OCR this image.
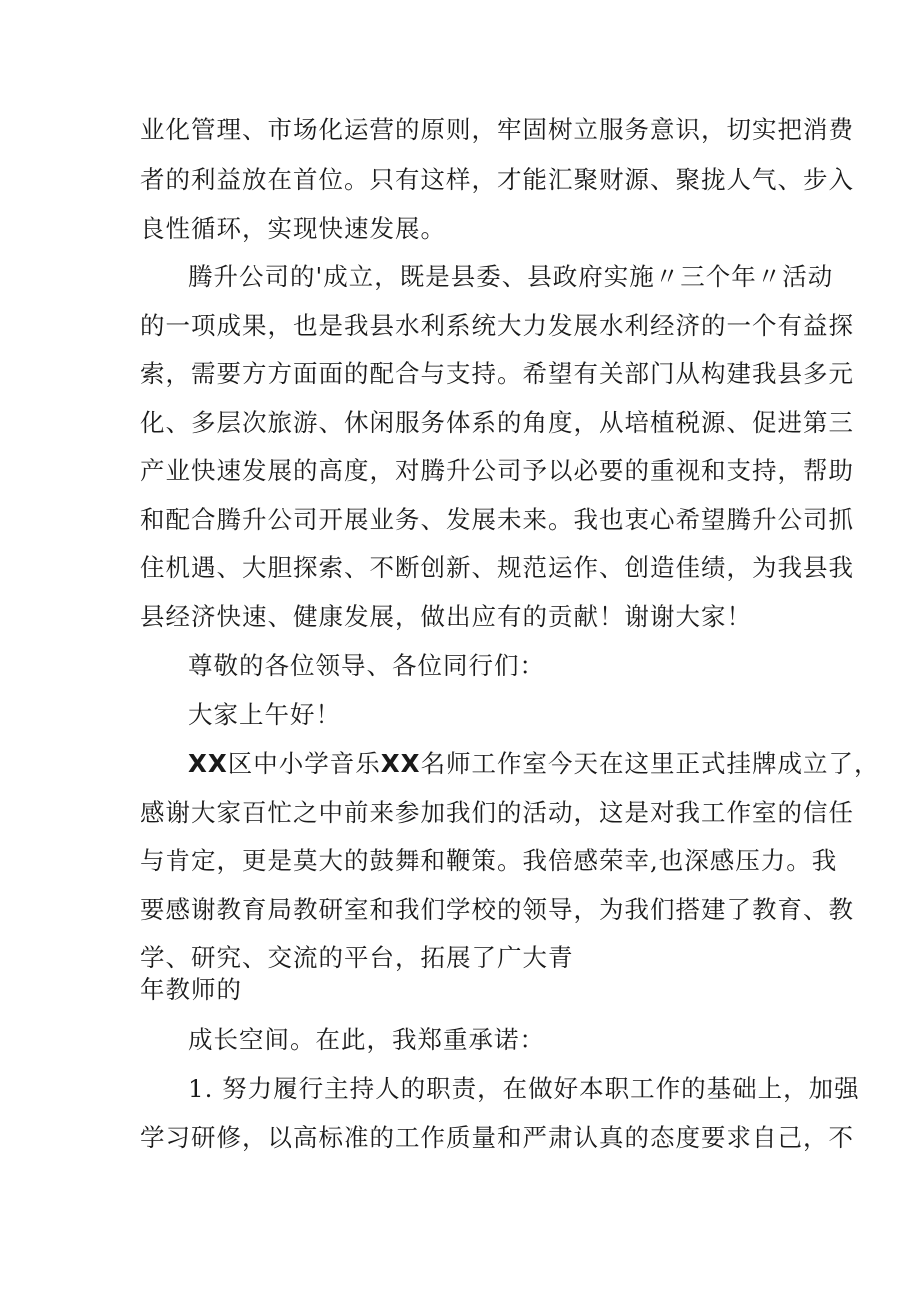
业化管理、市场化运营的原则，牢固树立服务意识，切实把消费
者的利益放在首位。只有这样，才能汇聚财源、聚拢人气、步入
良性循环，实现快速发展。
腾升公司的'成立，既是县委、县政府实施〃三个年〃活动
的一项成果，也是我县水利系统大力发展水利经济的一个有益探
索，需要方方面面的配合与支持。希望有关部门从构建我县多元
化、多层次旅游、休闲服务体系的角度，从培植税源、促进第三
产业快速发展的高度，对腾升公司予以必要的重视和支持，帮助
和配合腾升公司开展业务、发展未来。我也衷心希望腾升公司抓
住机遇、大胆探索、不断创新、规范运作、创造佳绩，为我县我
县经济快速、健康发展，做出应有的贡献！谢谢大家！
尊敬的各位领导、各位同行们：
大家上午好！
XX区中小学音乐XX名师工作室今天在这里正式挂牌成立了，
感谢大家百忙之中前来参加我们的活动，这是对我工作室的信任
与肯定，更是莫大的鼓舞和鞭策。我倍感荣幸,也深感压力。我
要感谢教育局教研室和我们学校的领导，为我们搭建了教育、教
学、研究、交流的平台，拓展了广大青
年教师的
成长空间。在此，我郑重承诺：
1. 努力履行主持人的职责，在做好本职工作的基础上，加强
学习研修，以高标准的工作质量和严肃认真的态度要求自己，不
